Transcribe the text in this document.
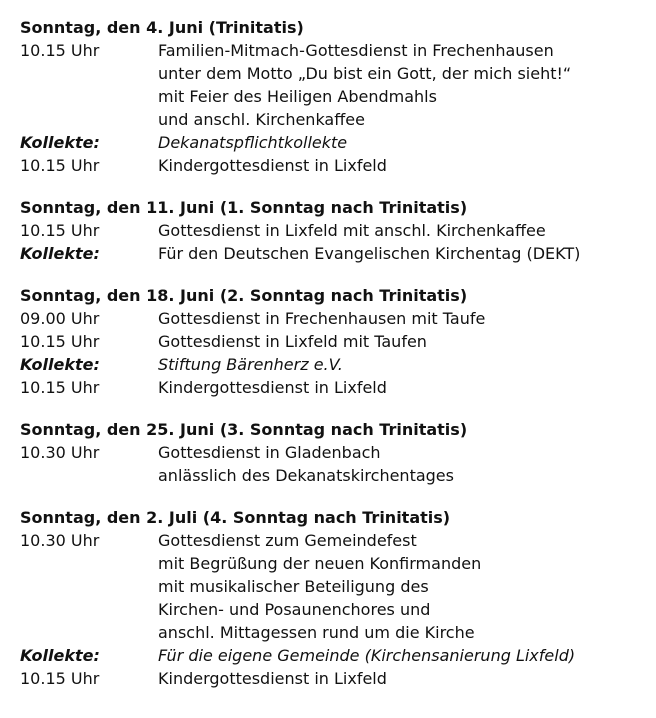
Sonntag, den 4. Juni (Trinitatis)
10.15 Uhr	Familien-Mitmach-Gottesdienst in Frechenhausen
unter dem Motto „Du bist ein Gott, der mich sieht!“
mit Feier des Heiligen Abendmahls
und anschl. Kirchenkaffee
Kollekte:	Dekanatspflichtkollekte
10.15 Uhr	Kindergottesdienst in Lixfeld
Sonntag, den 11. Juni (1. Sonntag nach Trinitatis)
10.15 Uhr	Gottesdienst in Lixfeld mit anschl. Kirchenkaffee
Kollekte:	Für den Deutschen Evangelischen Kirchentag (DEKT)
Sonntag, den 18. Juni (2. Sonntag nach Trinitatis)
09.00 Uhr	Gottesdienst in Frechenhausen mit Taufe
10.15 Uhr	Gottesdienst in Lixfeld mit Taufen
Kollekte:	Stiftung Bärenherz e.V.
10.15 Uhr	Kindergottesdienst in Lixfeld
Sonntag, den 25. Juni (3. Sonntag nach Trinitatis)
10.30 Uhr	Gottesdienst in Gladenbach
anlässlich des Dekanatskirchentages
Sonntag, den 2. Juli (4. Sonntag nach Trinitatis)
10.30 Uhr	Gottesdienst zum Gemeindefest
mit Begrüßung der neuen Konfirmanden
mit musikalischer Beteiligung des
Kirchen- und Posaunenchores und
anschl. Mittagessen rund um die Kirche
Kollekte:	Für die eigene Gemeinde (Kirchensanierung Lixfeld)
10.15 Uhr	Kindergottesdienst in Lixfeld
